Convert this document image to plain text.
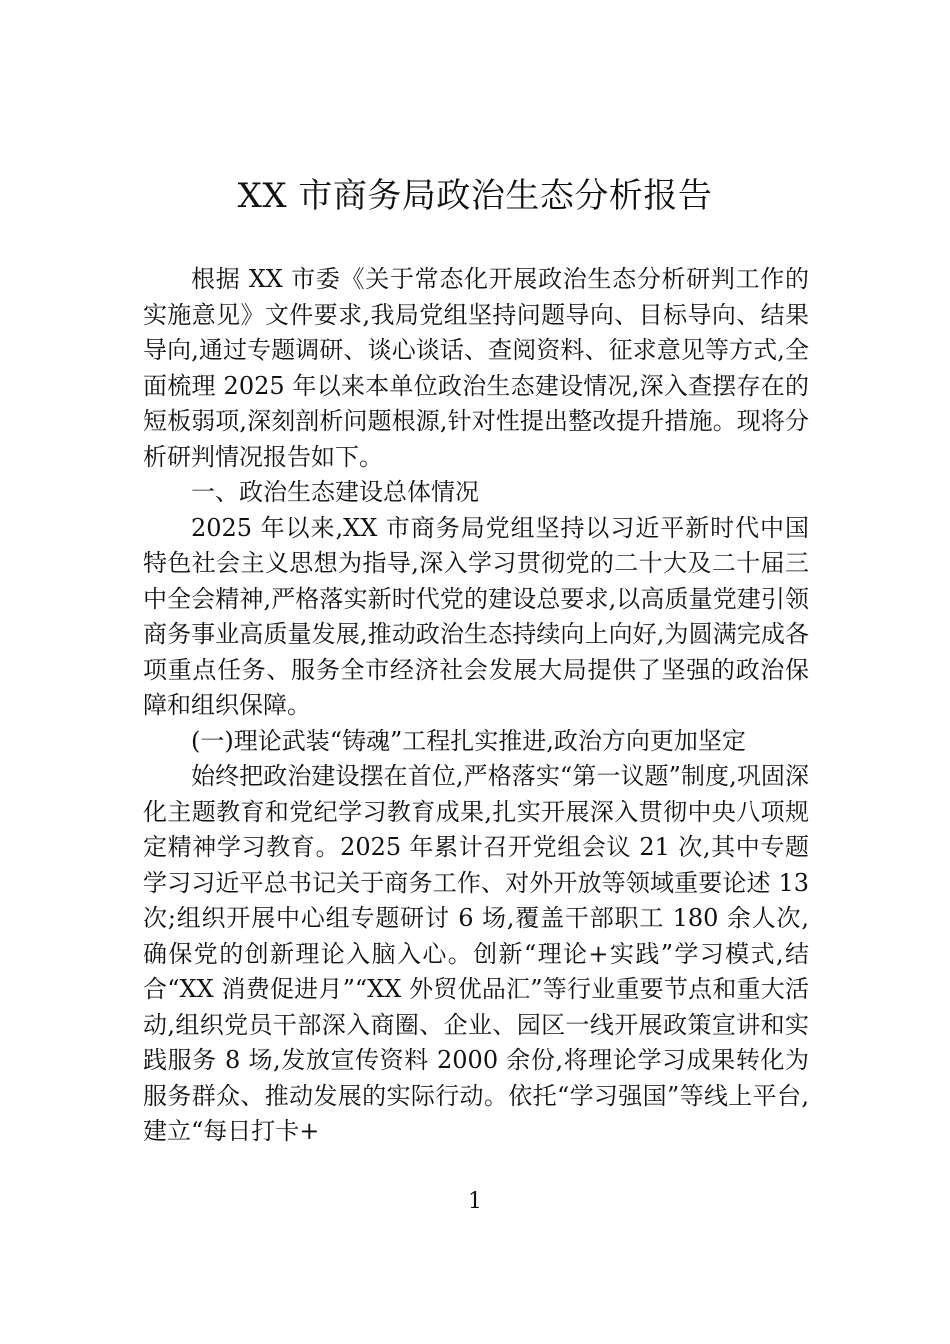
XX 市商务局政治生态分析报告

根据 XX 市委《关于常态化开展政治生态分析研判工作的实施意见》文件要求,我局党组坚持问题导向、目标导向、结果导向,通过专题调研、谈心谈话、查阅资料、征求意见等方式,全面梳理 2025 年以来本单位政治生态建设情况,深入查摆存在的短板弱项,深刻剖析问题根源,针对性提出整改提升措施。现将分析研判情况报告如下。

一、政治生态建设总体情况

2025 年以来,XX 市商务局党组坚持以习近平新时代中国特色社会主义思想为指导,深入学习贯彻党的二十大及二十届三中全会精神,严格落实新时代党的建设总要求,以高质量党建引领商务事业高质量发展,推动政治生态持续向上向好,为圆满完成各项重点任务、服务全市经济社会发展大局提供了坚强的政治保障和组织保障。

(一)理论武装“铸魂”工程扎实推进,政治方向更加坚定

始终把政治建设摆在首位,严格落实“第一议题”制度,巩固深化主题教育和党纪学习教育成果,扎实开展深入贯彻中央八项规定精神学习教育。2025 年累计召开党组会议 21 次,其中专题学习习近平总书记关于商务工作、对外开放等领域重要论述 13 次;组织开展中心组专题研讨 6 场,覆盖干部职工 180 余人次,确保党的创新理论入脑入心。创新“理论+实践”学习模式,结合“XX 消费促进月”“XX 外贸优品汇”等行业重要节点和重大活动,组织党员干部深入商圈、企业、园区一线开展政策宣讲和实践服务 8 场,发放宣传资料 2000 余份,将理论学习成果转化为服务群众、推动发展的实际行动。依托“学习强国”等线上平台,建立“每日打卡+

1
